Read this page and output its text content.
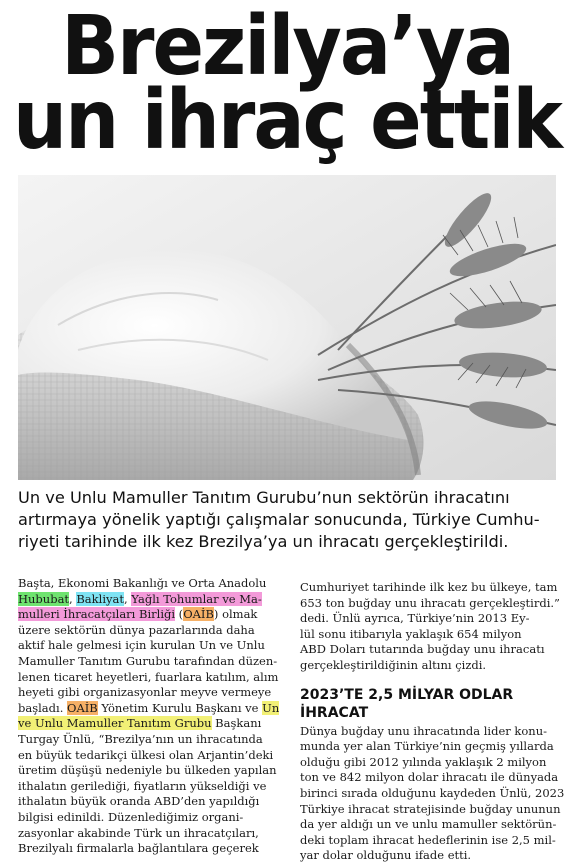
Brezilya’ya
un ihraç ettik
Un ve Unlu Mamuller Tanıtım Gurubu’nun sektörün ihracatını
artırmaya yönelik yaptığı çalışmalar sonucunda, Türkiye Cumhu-
riyeti tarihinde ilk kez Brezilya’ya un ihracatı gerçekleştirildi.
Başta, Ekonomi Bakanlığı ve Orta Anadolu
Hububat, Bakliyat, Yağlı Tohumlar ve Ma-
mulleri İhracatçıları Birliği (OAİB) olmak
üzere sektörün dünya pazarlarında daha
aktif hale gelmesi için kurulan Un ve Unlu
Mamuller Tanıtım Gurubu tarafından düzen-
lenen ticaret heyetleri, fuarlara katılım, alım
heyeti gibi organizasyonlar meyve vermeye
başladı. OAİB Yönetim Kurulu Başkanı ve Un
ve Unlu Mamuller Tanıtım Grubu Başkanı
Turgay Ünlü, “Brezilya’nın un ihracatında
en büyük tedarikçi ülkesi olan Arjantin’deki
üretim düşüşü nedeniyle bu ülkeden yapılan
ithalatın gerilediği, fiyatların yükseldiği ve
ithalatın büyük oranda ABD’den yapıldığı
bilgisi edinildi. Düzenlediğimiz organi-
zasyonlar akabinde Türk un ihracatçıları,
Brezilyalı firmalarla bağlantılara geçerek
Cumhuriyet tarihinde ilk kez bu ülkeye, tam
653 ton buğday unu ihracatı gerçekleştirdi.”
dedi. Ünlü ayrıca, Türkiye’nin 2013 Ey-
lül sonu itibarıyla yaklaşık 654 milyon
ABD Doları tutarında buğday unu ihracatı
gerçekleştirildiğinin altını çizdi.
2023’TE 2,5 MİLYAR ODLAR İHRACAT
Dünya buğday unu ihracatında lider konu-
munda yer alan Türkiye’nin geçmiş yıllarda
olduğu gibi 2012 yılında yaklaşık 2 milyon
ton ve 842 milyon dolar ihracatı ile dünyada
birinci sırada olduğunu kaydeden Ünlü, 2023
Türkiye ihracat stratejisinde buğday ununun
da yer aldığı un ve unlu mamuller sektörün-
deki toplam ihracat hedeflerinin ise 2,5 mil-
yar dolar olduğunu ifade etti.
